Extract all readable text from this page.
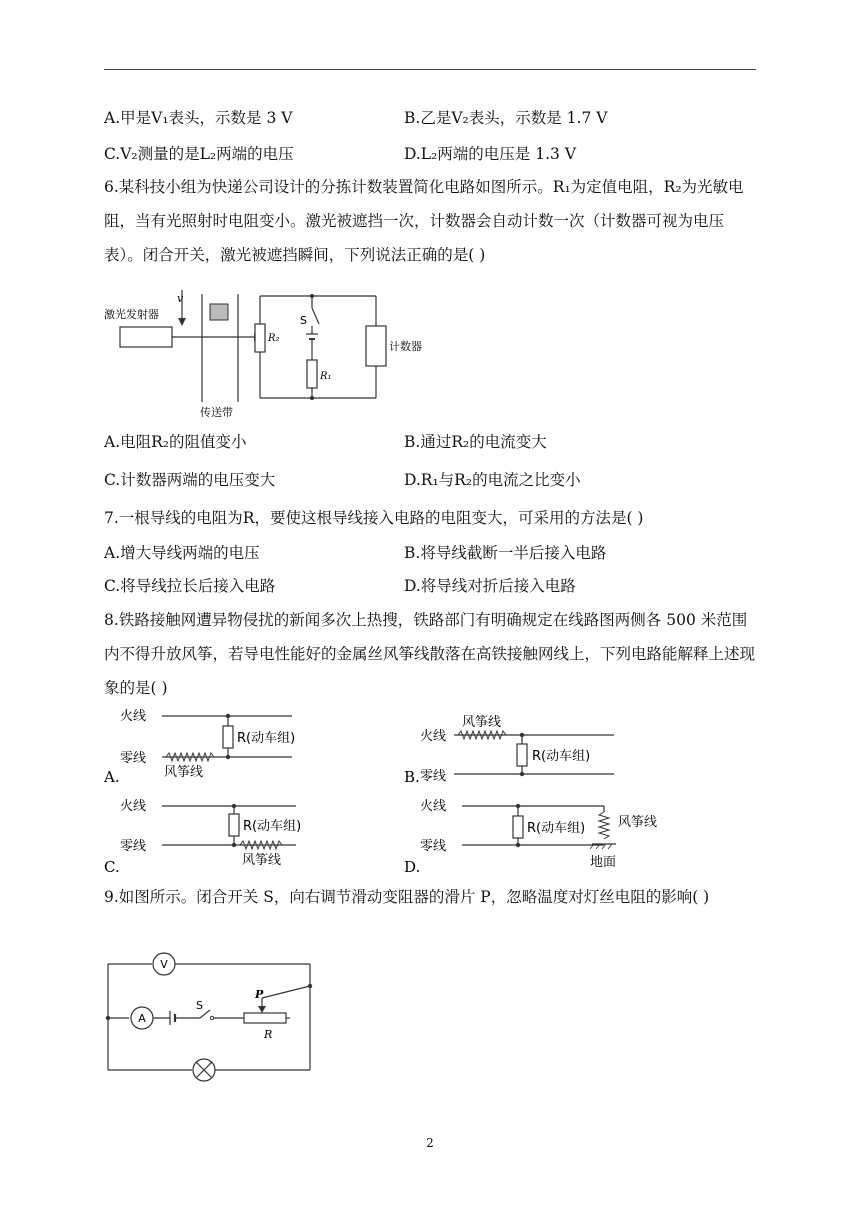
A.甲是V₁表头，示数是 3 V	B.乙是V₂表头，示数是 1.7 V
C.V₂测量的是L₂两端的电压	D.L₂两端的电压是 1.3 V
6.某科技小组为快递公司设计的分拣计数装置简化电路如图所示。R₁为定值电阻，R₂为光敏电阻，当有光照射时电阻变小。激光被遮挡一次，计数器会自动计数一次（计数器可视为电压表）。闭合开关，激光被遮挡瞬间，下列说法正确的是( )
激光发射器
v
传送带
R₂
S
R₁
计数器
A.电阻R₂的阻值变小	B.通过R₂的电流变大
C.计数器两端的电压变大	D.R₁与R₂的电流之比变小
7.一根导线的电阻为R，要使这根导线接入电路的电阻变大，可采用的方法是( )
A.增大导线两端的电压	B.将导线截断一半后接入电路
C.将导线拉长后接入电路	D.将导线对折后接入电路
8.铁路接触网遭异物侵扰的新闻多次上热搜，铁路部门有明确规定在线路图两侧各 500 米范围内不得升放风筝，若导电性能好的金属丝风筝线散落在高铁接触网线上，下列电路能解释上述现象的是( )
火线
零线
R(动车组)
风筝线
A.
火线
风筝线
零线
R(动车组)
B.
火线
零线
R(动车组)
风筝线
C.
火线
零线
R(动车组)	风筝线
地面
D.
9.如图所示。闭合开关 S，向右调节滑动变阻器的滑片 P，忽略温度对灯丝电阻的影响( )
V
A
S
R
P
2
